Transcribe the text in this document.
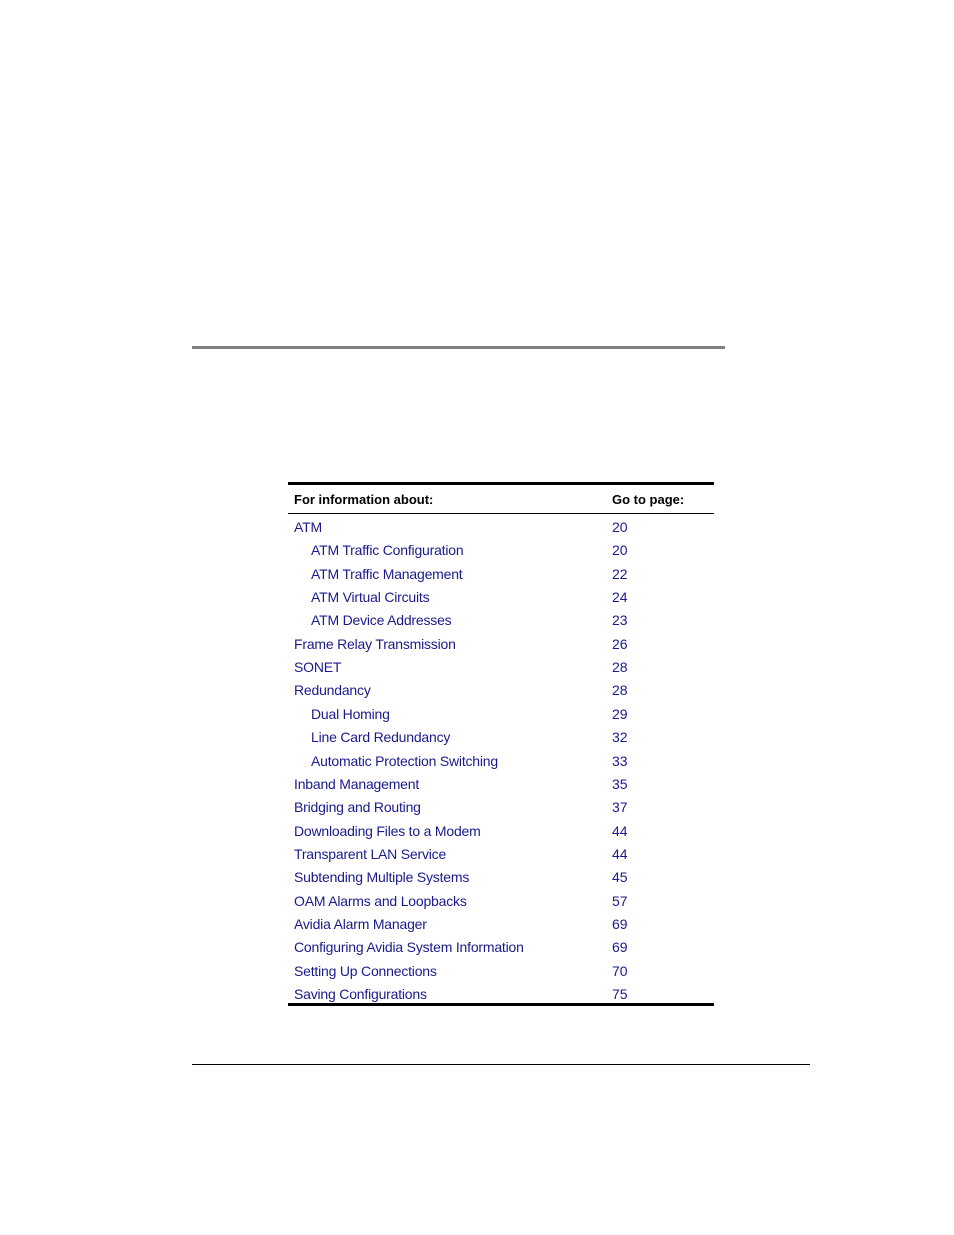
For information about:	Go to page:
ATM	20
ATM Traffic Configuration	20
ATM Traffic Management	22
ATM Virtual Circuits	24
ATM Device Addresses	23
Frame Relay Transmission	26
SONET	28
Redundancy	28
Dual Homing	29
Line Card Redundancy	32
Automatic Protection Switching	33
Inband Management	35
Bridging and Routing	37
Downloading Files to a Modem	44
Transparent LAN Service	44
Subtending Multiple Systems	45
OAM Alarms and Loopbacks	57
Avidia Alarm Manager	69
Configuring Avidia System Information	69
Setting Up Connections	70
Saving Configurations	75
